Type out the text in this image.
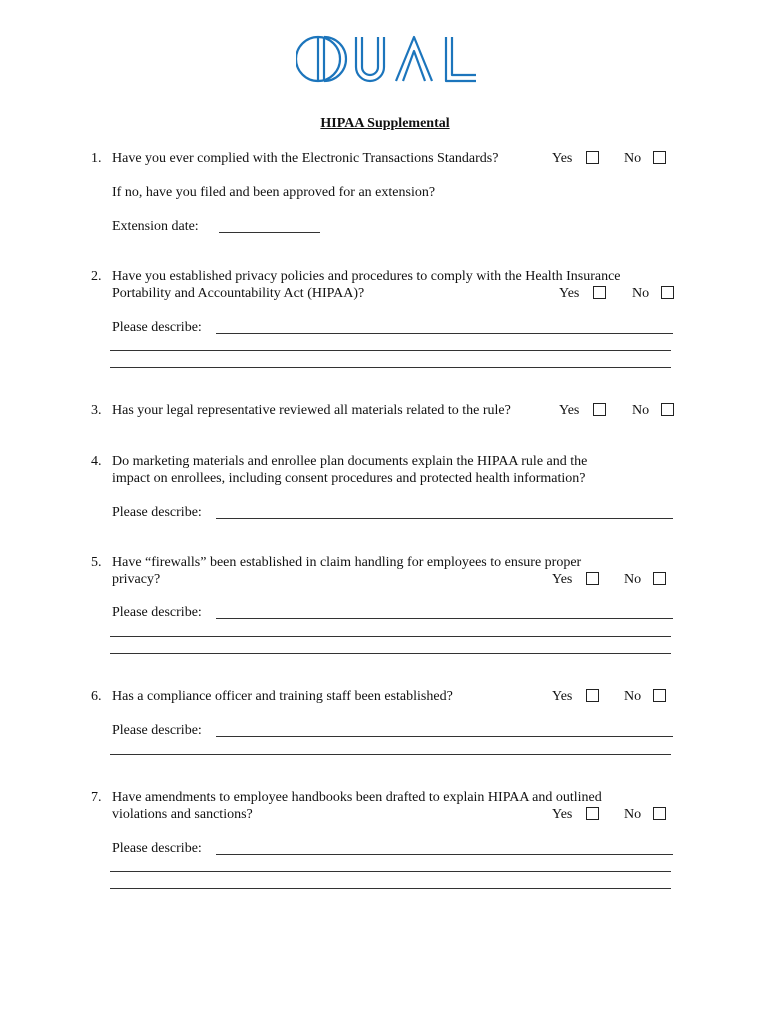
HIPAA Supplemental
1. Have you ever complied with the Electronic Transactions Standards?	Yes	No
If no, have you filed and been approved for an extension?
Extension date:
2. Have you established privacy policies and procedures to comply with the Health Insurance
Portability and Accountability Act (HIPAA)?	Yes	No
Please describe:
3. Has your legal representative reviewed all materials related to the rule?	Yes	No
4. Do marketing materials and enrollee plan documents explain the HIPAA rule and the
impact on enrollees, including consent procedures and protected health information?
Please describe:
5. Have “firewalls” been established in claim handling for employees to ensure proper
privacy?	Yes	No
Please describe:
6. Has a compliance officer and training staff been established?	Yes	No
Please describe:
7. Have amendments to employee handbooks been drafted to explain HIPAA and outlined
violations and sanctions?	Yes	No
Please describe:
